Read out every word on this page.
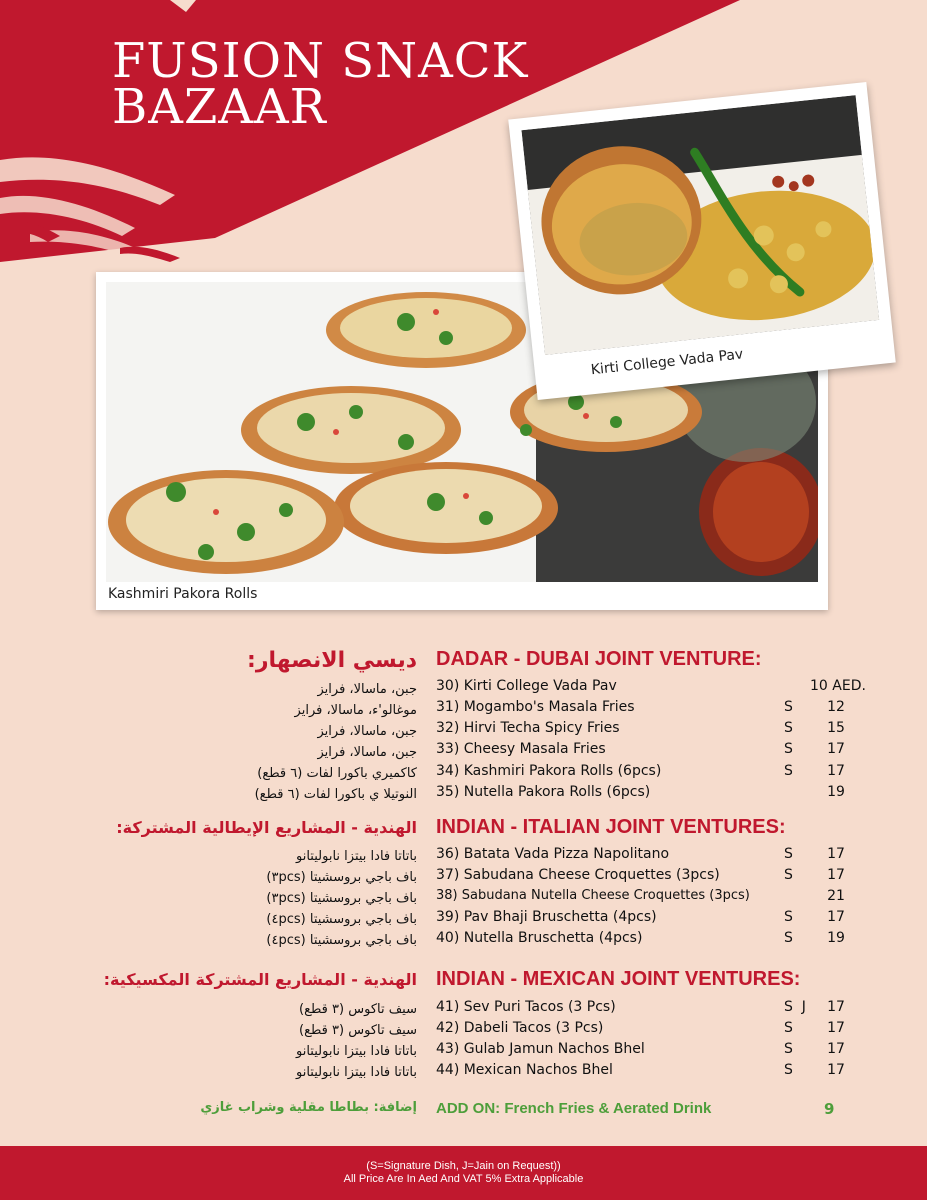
FUSION SNACK
BAZAAR
Kashmiri Pakora Rolls
Kirti College Vada Pav
DADAR - DUBAI JOINT VENTURE:
30) Kirti College Vada Pav	10 AED.
31) Mogambo's Masala Fries	S	12
32) Hirvi Techa Spicy Fries	S	15
33) Cheesy Masala Fries	S	17
34) Kashmiri Pakora Rolls (6pcs)	S	17
35) Nutella Pakora Rolls (6pcs)	19
ديسي الانصهار:
جبن، ماسالا، فرايز
موغالو'ء، ماسالا، فرايز
جبن، ماسالا، فرايز
جبن، ماسالا، فرايز
كاكميري باكورا لفات (٦ قطع)
النوتيلا ي باكورا لفات (٦ قطع)
INDIAN - ITALIAN JOINT VENTURES:
36) Batata Vada Pizza Napolitano	S	17
37) Sabudana Cheese Croquettes (3pcs)	S	17
38) Sabudana Nutella Cheese Croquettes (3pcs)	21
39) Pav Bhaji Bruschetta (4pcs)	S	17
40) Nutella Bruschetta (4pcs)	S	19
الهندية - المشاريع الإيطالية المشتركة:
باتاتا فادا بيتزا نابوليتانو
باف باجي بروسشيتا (٣pcs)
باف باجي بروسشيتا (٣pcs)
باف باجي بروسشيتا (٤pcs)
باف باجي بروسشيتا (٤pcs)
INDIAN - MEXICAN JOINT VENTURES:
41) Sev Puri Tacos (3 Pcs)	S  J	17
42) Dabeli Tacos (3 Pcs)	S	17
43) Gulab Jamun Nachos Bhel	S	17
44) Mexican Nachos Bhel	S	17
الهندية - المشاريع المشتركة المكسيكية:
سيف تاكوس (٣ قطع)
سيف تاكوس (٣ قطع)
باتاتا فادا بيتزا نابوليتانو
باتاتا فادا بيتزا نابوليتانو
ADD ON: French Fries & Aerated Drink	9
إضافة: بطاطا مقلية وشراب غازي
(S=Signature Dish, J=Jain on Request))
All Price Are In Aed And VAT 5% Extra Applicable
